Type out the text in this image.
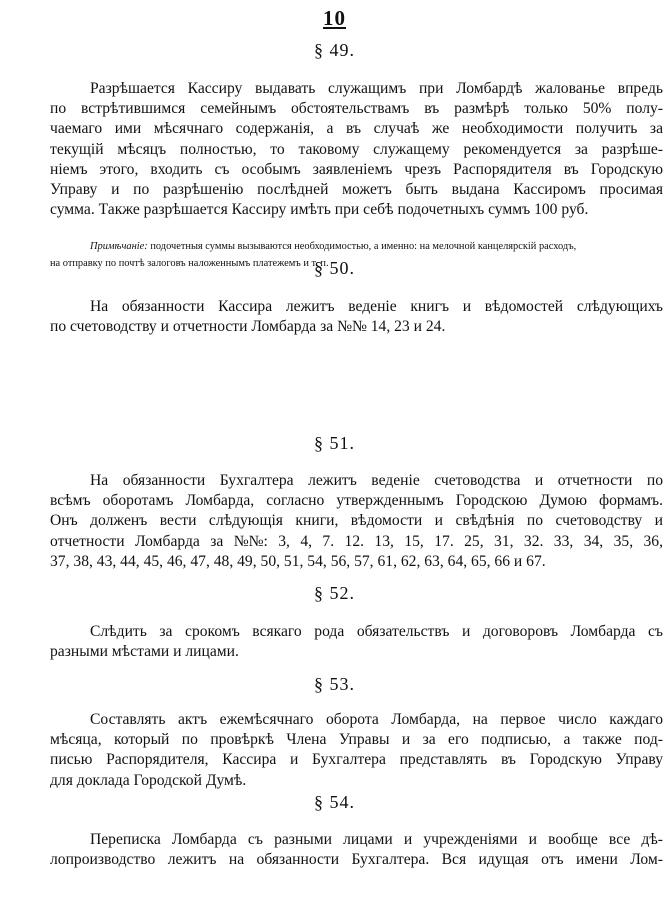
10
§ 49.
Разрѣшается Кассиру выдавать служащимъ при Ломбардѣ жалованье впредь
по встрѣтившимся семейнымъ обстоятельствамъ въ размѣрѣ только 50% полу-
чаемаго ими мѣсячнаго содержанія, а въ случаѣ же необходимости получить за
текущій мѣсяцъ полностью, то таковому служащему рекомендуется за разрѣше-
ніемъ этого, входить съ особымъ заявленіемъ чрезъ Распорядителя въ Городскую
Управу и по разрѣшенію послѣдней можетъ быть выдана Кассиромъ просимая
сумма. Также разрѣшается Кассиру имѣть при себѣ подочетныхъ суммъ 100 руб.
Примѣчаніе: подочетныя суммы вызываются необходимостью, а именно: на мелочной канцелярскій расходъ,
на отправку по почтѣ залоговъ наложеннымъ платежемъ и т. п.
§ 50.
На обязанности Кассира лежитъ веденіе книгъ и вѣдомостей слѣдующихъ
по счетоводству и отчетности Ломбарда за №№ 14, 23 и 24.
§ 51.
На обязанности Бухгалтера лежитъ веденіе счетоводства и отчетности по
всѣмъ оборотамъ Ломбарда, согласно утвержденнымъ Городскою Думою формамъ.
Онъ долженъ вести слѣдующія книги, вѣдомости и свѣдѣнія по счетоводству и
отчетности Ломбарда за №№: 3, 4, 7. 12. 13, 15, 17. 25, 31, 32. 33, 34, 35, 36,
37, 38, 43, 44, 45, 46, 47, 48, 49, 50, 51, 54, 56, 57, 61, 62, 63, 64, 65, 66 и 67.
§ 52.
Слѣдить за срокомъ всякаго рода обязательствъ и договоровъ Ломбарда съ
разными мѣстами и лицами.
§ 53.
Составлять актъ ежемѣсячнаго оборота Ломбарда, на первое число каждаго
мѣсяца, который по провѣркѣ Члена Управы и за его подписью, а также под-
писью Распорядителя, Кассира и Бухгалтера представлять въ Городскую Управу
для доклада Городской Думѣ.
§ 54.
Переписка Ломбарда съ разными лицами и учрежденіями и вообще все дѣ-
лопроизводство лежитъ на обязанности Бухгалтера. Вся идущая отъ имени Лом-
